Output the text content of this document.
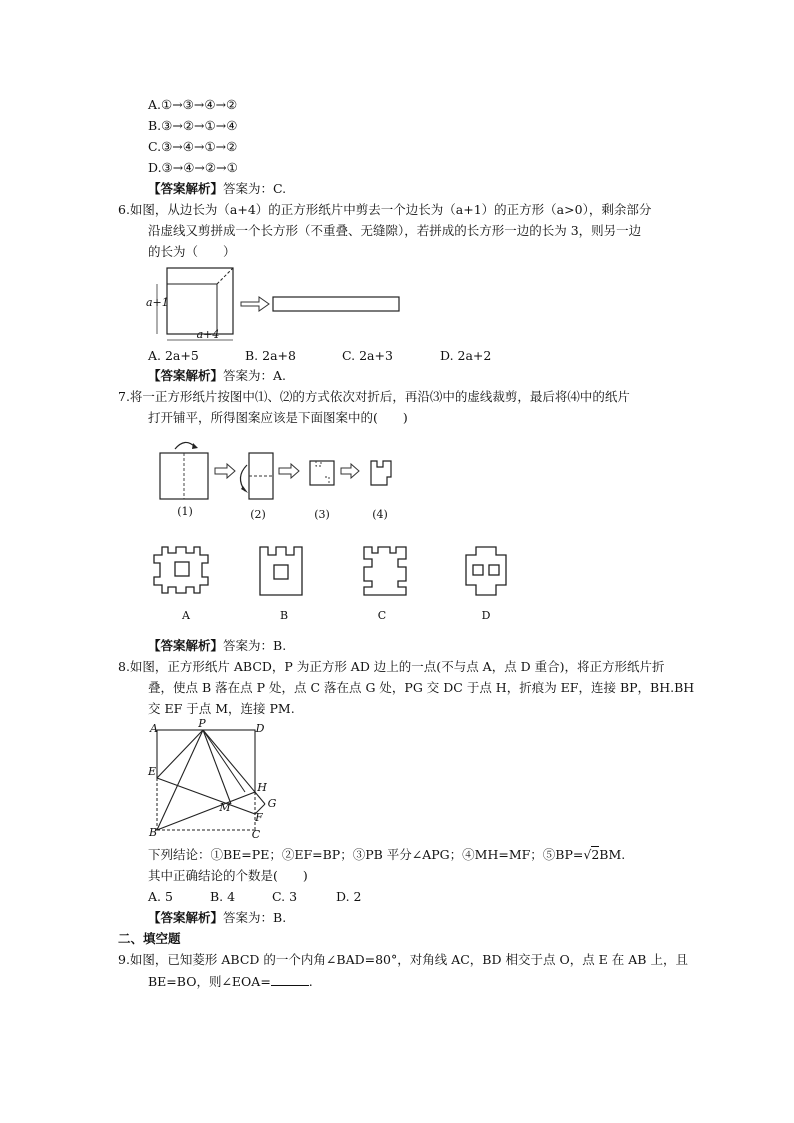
A.①→③→④→②
B.③→②→①→④
C.③→④→①→②
D.③→④→②→①
【答案解析】答案为：C.
6.如图，从边长为（a+4）的正方形纸片中剪去一个边长为（a+1）的正方形（a>0），剩余部分
沿虚线又剪拼成一个长方形（不重叠、无缝隙），若拼成的长方形一边的长为 3，则另一边
的长为（　　）
a+1
a+4
A. 2a+5	B. 2a+8	C. 2a+3	D. 2a+2
【答案解析】答案为：A.
7.将一正方形纸片按图中⑴、⑵的方式依次对折后，再沿⑶中的虚线裁剪，最后将⑷中的纸片
打开铺平，所得图案应该是下面图案中的(　　)
(1)	(2)	(3)	(4)
A	B	C	D
【答案解析】答案为：B.
8.如图，正方形纸片 ABCD，P 为正方形 AD 边上的一点(不与点 A，点 D 重合)，将正方形纸片折
叠，使点 B 落在点 P 处，点 C 落在点 G 处，PG 交 DC 于点 H，折痕为 EF，连接 BP，BH.BH
交 EF 于点 M，连接 PM.
A	P	D
E
H
G
M
F
B	C
下列结论：①BE=PE；②EF=BP；③PB 平分∠APG；④MH=MF；⑤BP=√2BM.
其中正确结论的个数是(　　)
A. 5	B. 4	C. 3	D. 2
【答案解析】答案为：B.
二、填空题
9.如图，已知菱形 ABCD 的一个内角∠BAD=80°，对角线 AC，BD 相交于点 O，点 E 在 AB 上，且
BE=BO，则∠EOA=	.
